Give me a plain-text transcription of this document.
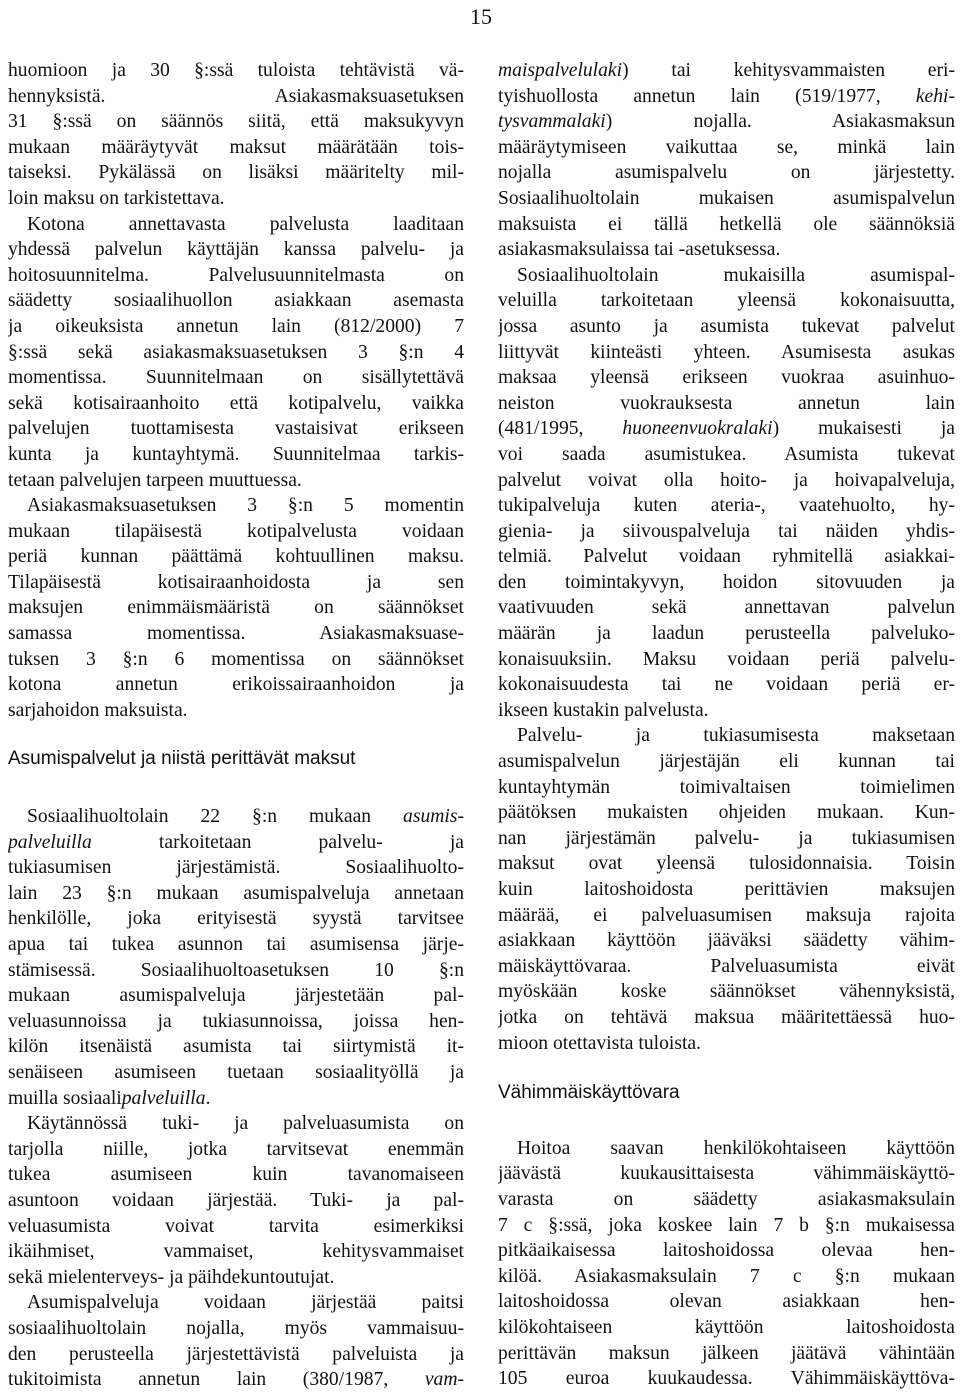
15
huomioon ja 30 §:ssä tuloista tehtävistä vä-
hennyksistä. Asiakasmaksuasetuksen
31 §:ssä on säännös siitä, että maksukyvyn
mukaan määräytyvät maksut määrätään tois-
taiseksi. Pykälässä on lisäksi määritelty mil-
loin maksu on tarkistettava.
Kotona annettavasta palvelusta laaditaan
yhdessä palvelun käyttäjän kanssa palvelu- ja
hoitosuunnitelma. Palvelusuunnitelmasta on
säädetty sosiaalihuollon asiakkaan asemasta
ja oikeuksista annetun lain (812/2000) 7
§:ssä sekä asiakasmaksuasetuksen 3 §:n 4
momentissa. Suunnitelmaan on sisällytettävä
sekä kotisairaanhoito että kotipalvelu, vaikka
palvelujen tuottamisesta vastaisivat erikseen
kunta ja kuntayhtymä. Suunnitelmaa tarkis-
tetaan palvelujen tarpeen muuttuessa.
Asiakasmaksuasetuksen 3 §:n 5 momentin
mukaan tilapäisestä kotipalvelusta voidaan
periä kunnan päättämä kohtuullinen maksu.
Tilapäisestä kotisairaanhoidosta ja sen
maksujen enimmäismääristä on säännökset
samassa momentissa. Asiakasmaksuase-
tuksen 3 §:n 6 momentissa on säännökset
kotona annetun erikoissairaanhoidon ja
sarjahoidon maksuista.
Asumispalvelut ja niistä perittävät maksut
Sosiaalihuoltolain 22 §:n mukaan asumis-
palveluilla tarkoitetaan palvelu- ja
tukiasumisen järjestämistä. Sosiaalihuolto-
lain 23 §:n mukaan asumispalveluja annetaan
henkilölle, joka erityisestä syystä tarvitsee
apua tai tukea asunnon tai asumisensa järje-
stämisessä. Sosiaalihuoltoasetuksen 10 §:n
mukaan asumispalveluja järjestetään pal-
veluasunnoissa ja tukiasunnoissa, joissa hen-
kilön itsenäistä asumista tai siirtymistä it-
senäiseen asumiseen tuetaan sosiaalityöllä ja
muilla sosiaalipalveluilla.
Käytännössä tuki- ja palveluasumista on
tarjolla niille, jotka tarvitsevat enemmän
tukea asumiseen kuin tavanomaiseen
asuntoon voidaan järjestää. Tuki- ja pal-
veluasumista voivat tarvita esimerkiksi
ikäihmiset, vammaiset, kehitysvammaiset
sekä mielenterveys- ja päihdekuntoutujat.
Asumispalveluja voidaan järjestää paitsi
sosiaalihuoltolain nojalla, myös vammaisuu-
den perusteella järjestettävistä palveluista ja
tukitoimista annetun lain (380/1987, vam-
maispalvelulaki) tai kehitysvammaisten eri-
tyishuollosta annetun lain (519/1977, kehi-
tysvammalaki) nojalla. Asiakasmaksun
määräytymiseen vaikuttaa se, minkä lain
nojalla asumispalvelu on järjestetty.
Sosiaalihuoltolain mukaisen asumispalvelun
maksuista ei tällä hetkellä ole säännöksiä
asiakasmaksulaissa tai -asetuksessa.
Sosiaalihuoltolain mukaisilla asumispal-
veluilla tarkoitetaan yleensä kokonaisuutta,
jossa asunto ja asumista tukevat palvelut
liittyvät kiinteästi yhteen. Asumisesta asukas
maksaa yleensä erikseen vuokraa asuinhuo-
neiston vuokrauksesta annetun lain
(481/1995, huoneenvuokralaki) mukaisesti ja
voi saada asumistukea. Asumista tukevat
palvelut voivat olla hoito- ja hoivapalveluja,
tukipalveluja kuten ateria-, vaatehuolto, hy-
gienia- ja siivouspalveluja tai näiden yhdis-
telmiä. Palvelut voidaan ryhmitellä asiakkai-
den toimintakyvyn, hoidon sitovuuden ja
vaativuuden sekä annettavan palvelun
määrän ja laadun perusteella palveluko-
konaisuuksiin. Maksu voidaan periä palvelu-
kokonaisuudesta tai ne voidaan periä er-
ikseen kustakin palvelusta.
Palvelu- ja tukiasumisesta maksetaan
asumispalvelun järjestäjän eli kunnan tai
kuntayhtymän toimivaltaisen toimielimen
päätöksen mukaisten ohjeiden mukaan. Kun-
nan järjestämän palvelu- ja tukiasumisen
maksut ovat yleensä tulosidonnaisia. Toisin
kuin laitoshoidosta perittävien maksujen
määrää, ei palveluasumisen maksuja rajoita
asiakkaan käyttöön jääväksi säädetty vähim-
mäiskäyttövaraa. Palveluasumista eivät
myöskään koske säännökset vähennyksistä,
jotka on tehtävä maksua määritettäessä huo-
mioon otettavista tuloista.
Vähimmäiskäyttövara
Hoitoa saavan henkilökohtaiseen käyttöön
jäävästä kuukausittaisesta vähimmäiskäyttö-
varasta on säädetty asiakasmaksulain
7 c §:ssä, joka koskee lain 7 b §:n mukaisessa
pitkäaikaisessa laitoshoidossa olevaa hen-
kilöä. Asiakasmaksulain 7 c §:n mukaan
laitoshoidossa olevan asiakkaan hen-
kilökohtaiseen käyttöön laitoshoidosta
perittävän maksun jälkeen jäätävä vähintään
105 euroa kuukaudessa. Vähimmäiskäyttöva-
